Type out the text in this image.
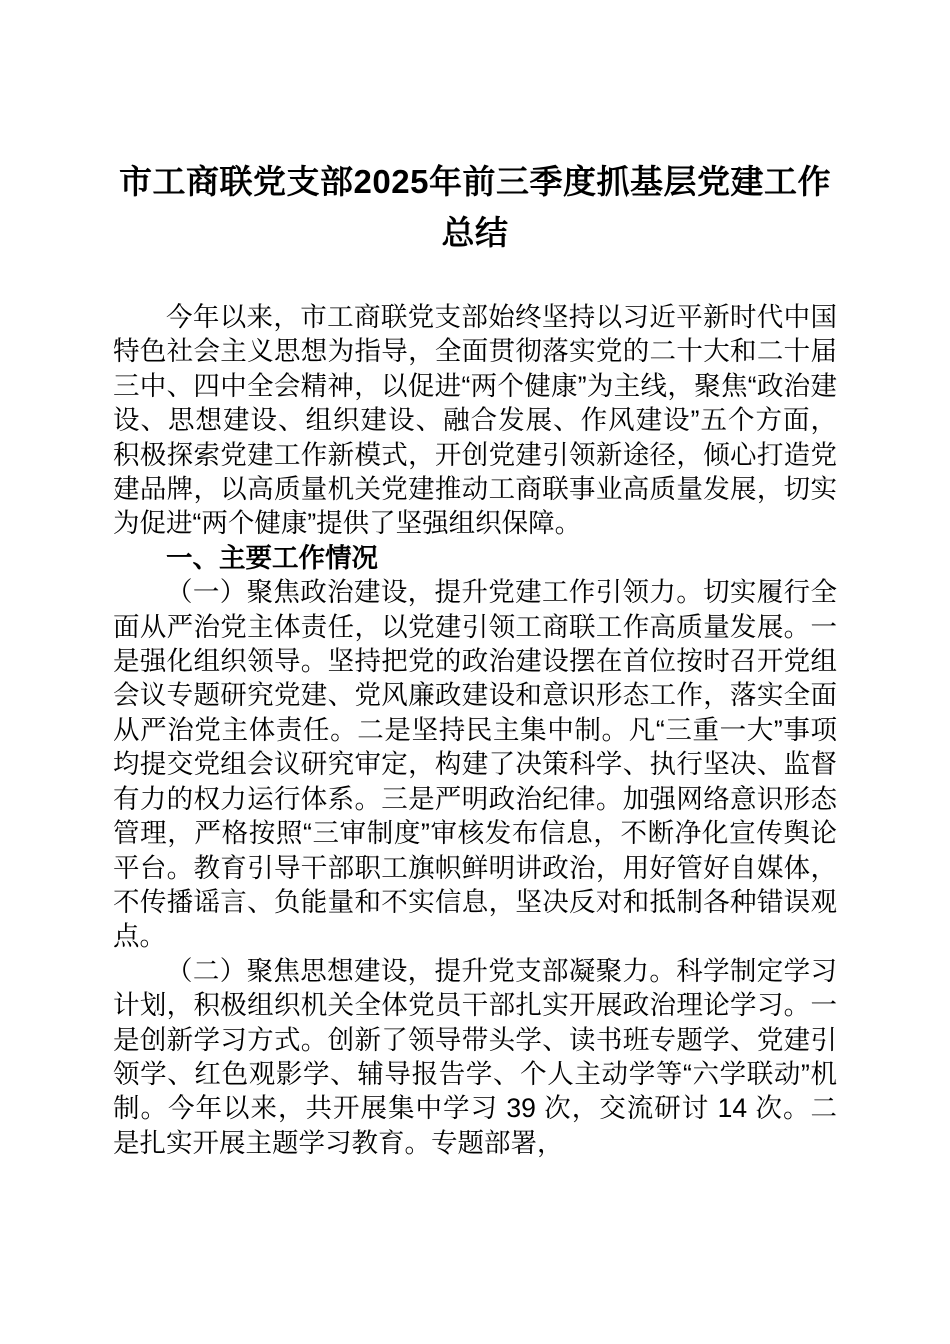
市工商联党支部2025年前三季度抓基层党建工作总结

今年以来，市工商联党支部始终坚持以习近平新时代中国特色社会主义思想为指导，全面贯彻落实党的二十大和二十届三中、四中全会精神，以促进“两个健康”为主线，聚焦“政治建设、思想建设、组织建设、融合发展、作风建设”五个方面，积极探索党建工作新模式，开创党建引领新途径，倾心打造党建品牌，以高质量机关党建推动工商联事业高质量发展，切实为促进“两个健康”提供了坚强组织保障。

一、主要工作情况

（一）聚焦政治建设，提升党建工作引领力。切实履行全面从严治党主体责任，以党建引领工商联工作高质量发展。一是强化组织领导。坚持把党的政治建设摆在首位按时召开党组会议专题研究党建、党风廉政建设和意识形态工作，落实全面从严治党主体责任。二是坚持民主集中制。凡“三重一大”事项均提交党组会议研究审定，构建了决策科学、执行坚决、监督有力的权力运行体系。三是严明政治纪律。加强网络意识形态管理，严格按照“三审制度”审核发布信息，不断净化宣传舆论平台。教育引导干部职工旗帜鲜明讲政治，用好管好自媒体，不传播谣言、负能量和不实信息，坚决反对和抵制各种错误观点。

（二）聚焦思想建设，提升党支部凝聚力。科学制定学习计划，积极组织机关全体党员干部扎实开展政治理论学习。一是创新学习方式。创新了领导带头学、读书班专题学、党建引领学、红色观影学、辅导报告学、个人主动学等“六学联动”机制。今年以来，共开展集中学习 39 次，交流研讨 14 次。二是扎实开展主题学习教育。专题部署，
